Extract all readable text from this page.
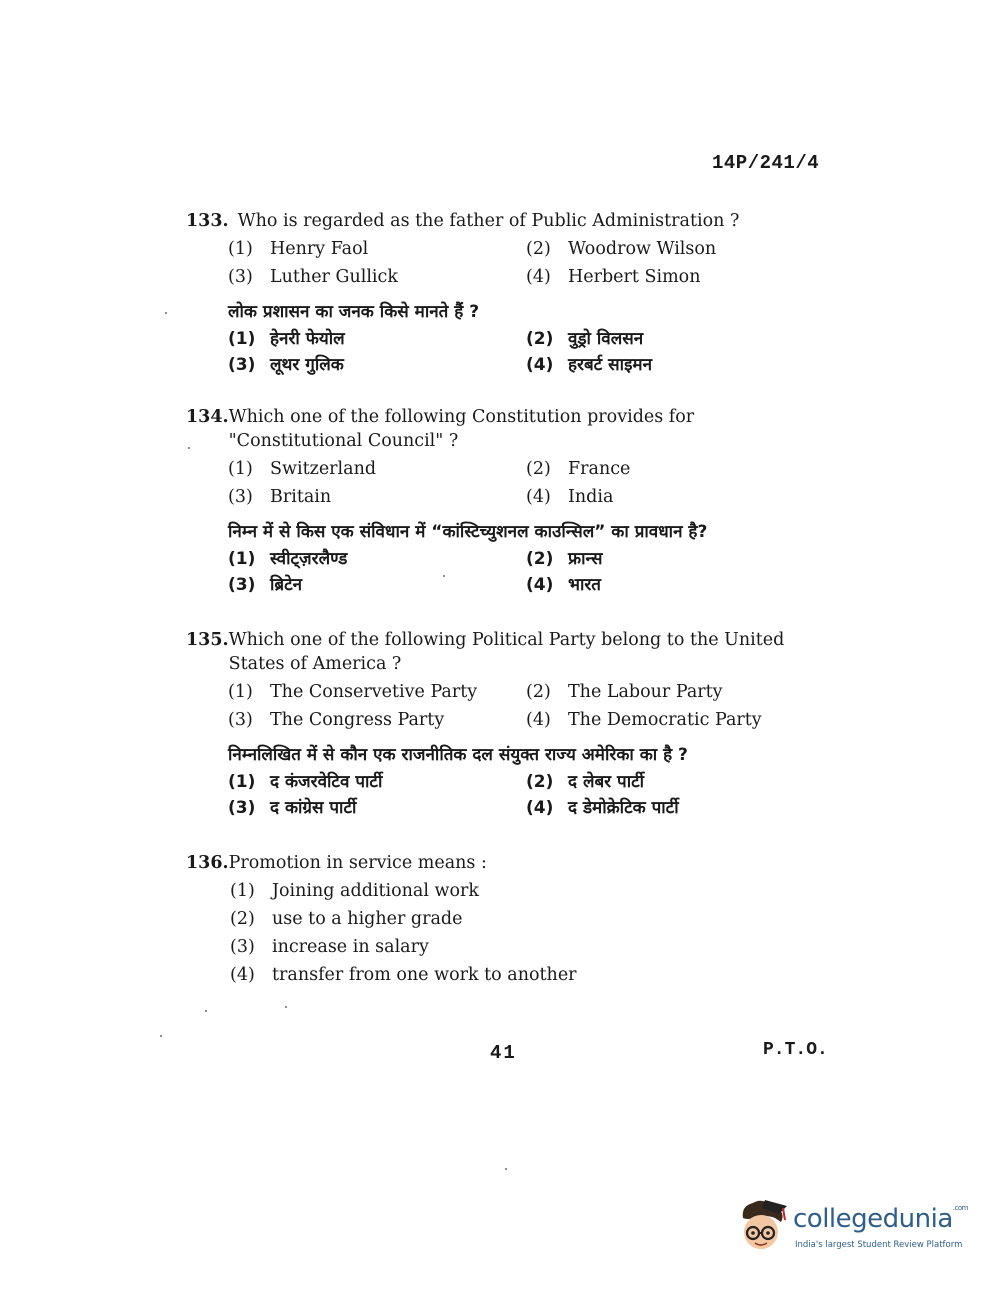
14P/241/4
133. Who is regarded as the father of Public Administration ?
(1) Henry Faol	(2) Woodrow Wilson
(3) Luther Gullick	(4) Herbert Simon
लोक प्रशासन का जनक किसे मानते हैं ?
(1) हेनरी फेयोल	(2) वुड्रो विलसन
(3) लूथर गुलिक	(4) हरबर्ट साइमन
134. Which one of the following Constitution provides for "Constitutional Council" ?
(1) Switzerland	(2) France
(3) Britain	(4) India
निम्न में से किस एक संविधान में “कांस्टिच्युशनल काउन्सिल” का प्रावधान है?
(1) स्वीट्ज़रलैण्ड	(2) फ्रान्स
(3) ब्रिटेन	(4) भारत
135. Which one of the following Political Party belong to the United States of America ?
(1) The Conservetive Party	(2) The Labour Party
(3) The Congress Party	(4) The Democratic Party
निम्नलिखित में से कौन एक राजनीतिक दल संयुक्त राज्य अमेरिका का है ?
(1) द कंजरवेटिव पार्टी	(2) द लेबर पार्टी
(3) द कांग्रेस पार्टी	(4) द डेमोक्रेटिक पार्टी
136. Promotion in service means :
(1) Joining additional work
(2) use to a higher grade
(3) increase in salary
(4) transfer from one work to another
41	P.T.O.
collegedunia$^{.com}$
India's largest Student Review Platform
